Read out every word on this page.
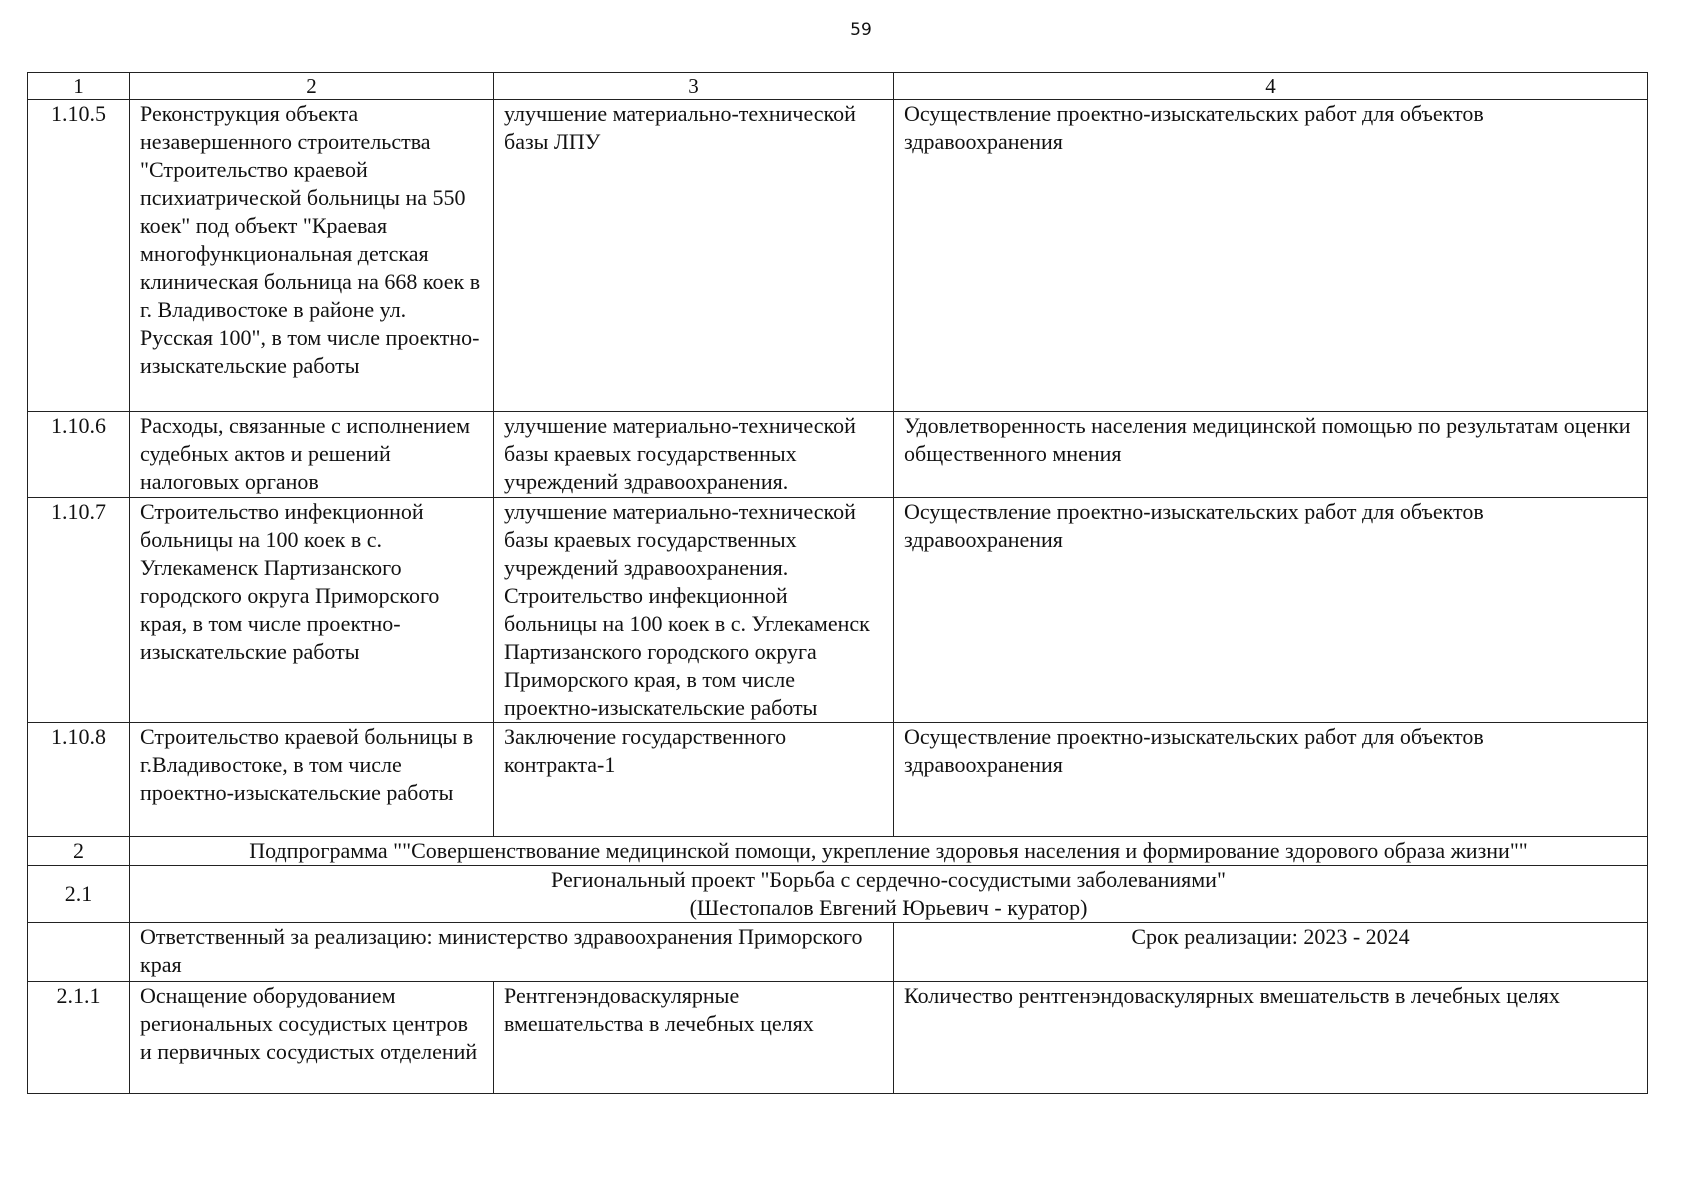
59
1	2	3	4
1.10.5	Реконструкция объекта незавершенного строительства "Строительство краевой психиатрической больницы на 550 коек" под объект "Краевая многофункциональная детская клиническая больница на 668 коек в г. Владивостоке в районе ул. Русская 100", в том числе проектно-изыскательские работы	улучшение материально-технической базы ЛПУ	Осуществление проектно-изыскательских работ для объектов здравоохранения
1.10.6	Расходы, связанные с исполнением судебных актов и решений налоговых органов	улучшение материально-технической базы краевых государственных учреждений здравоохранения.	Удовлетворенность населения медицинской помощью по результатам оценки общественного мнения
1.10.7	Строительство инфекционной больницы на 100 коек в с. Углекаменск Партизанского городского округа Приморского края, в том числе проектно-изыскательские работы	улучшение материально-технической базы краевых государственных учреждений здравоохранения. Строительство инфекционной больницы на 100 коек в с. Углекаменск Партизанского городского округа Приморского края, в том числе проектно-изыскательские работы	Осуществление проектно-изыскательских работ для объектов здравоохранения
1.10.8	Строительство краевой больницы в г.Владивостоке, в том числе проектно-изыскательские работы	Заключение государственного контракта-1	Осуществление проектно-изыскательских работ для объектов здравоохранения
2	Подпрограмма ""Совершенствование медицинской помощи, укрепление здоровья населения и формирование здорового образа жизни""		
2.1	Региональный проект "Борьба с сердечно-сосудистыми заболеваниями"
(Шестопалов Евгений Юрьевич - куратор)		

	Ответственный за реализацию: министерство здравоохранения Приморского края		Срок реализации: 2023 - 2024
2.1.1	Оснащение оборудованием региональных сосудистых центров и первичных сосудистых отделений	Рентгенэндоваскулярные вмешательства в лечебных целях	Количество рентгенэндоваскулярных вмешательств в лечебных целях
